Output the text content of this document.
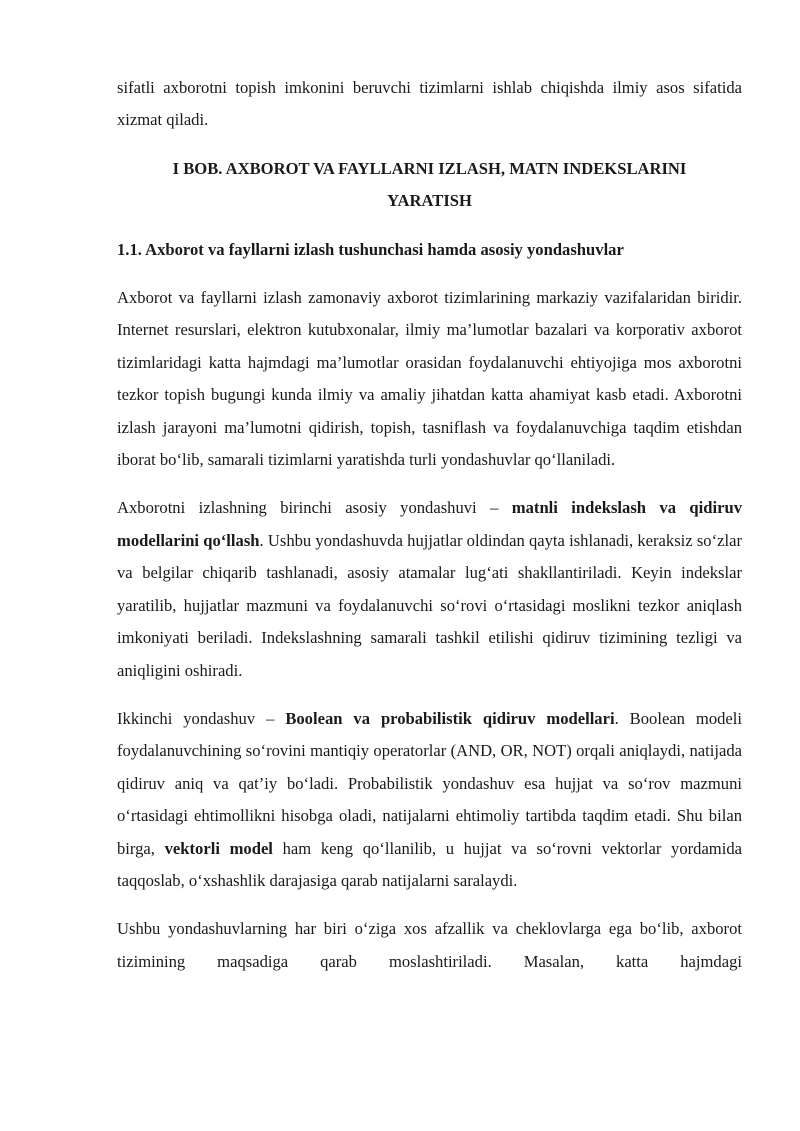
sifatli axborotni topish imkonini beruvchi tizimlarni ishlab chiqishda ilmiy asos sifatida xizmat qiladi.

I BOB. AXBOROT VA FAYLLARNI IZLASH, MATN INDEKSLARINI
YARATISH
1.1. Axborot va fayllarni izlash tushunchasi hamda asosiy yondashuvlar

Axborot va fayllarni izlash zamonaviy axborot tizimlarining markaziy vazifalaridan biridir. Internet resurslari, elektron kutubxonalar, ilmiy ma’lumotlar bazalari va korporativ axborot tizimlaridagi katta hajmdagi ma’lumotlar orasidan foydalanuvchi ehtiyojiga mos axborotni tezkor topish bugungi kunda ilmiy va amaliy jihatdan katta ahamiyat kasb etadi. Axborotni izlash jarayoni ma’lumotni qidirish, topish, tasniflash va foydalanuvchiga taqdim etishdan iborat bo‘lib, samarali tizimlarni yaratishda turli yondashuvlar qo‘llaniladi.

Axborotni izlashning birinchi asosiy yondashuvi – matnli indekslash va qidiruv modellarini qo‘llash. Ushbu yondashuvda hujjatlar oldindan qayta ishlanadi, keraksiz so‘zlar va belgilar chiqarib tashlanadi, asosiy atamalar lug‘ati shakllantiriladi. Keyin indekslar yaratilib, hujjatlar mazmuni va foydalanuvchi so‘rovi o‘rtasidagi moslikni tezkor aniqlash imkoniyati beriladi. Indekslashning samarali tashkil etilishi qidiruv tizimining tezligi va aniqligini oshiradi.

Ikkinchi yondashuv – Boolean va probabilistik qidiruv modellari. Boolean modeli foydalanuvchining so‘rovini mantiqiy operatorlar (AND, OR, NOT) orqali aniqlaydi, natijada qidiruv aniq va qat’iy bo‘ladi. Probabilistik yondashuv esa hujjat va so‘rov mazmuni o‘rtasidagi ehtimollikni hisobga oladi, natijalarni ehtimoliy tartibda taqdim etadi. Shu bilan birga, vektorli model ham keng qo‘llanilib, u hujjat va so‘rovni vektorlar yordamida taqqoslab, o‘xshashlik darajasiga qarab natijalarni saralaydi.

Ushbu yondashuvlarning har biri o‘ziga xos afzallik va cheklovlarga ega bo‘lib, axborot tizimining maqsadiga qarab moslashtiriladi. Masalan, katta hajmdagi
